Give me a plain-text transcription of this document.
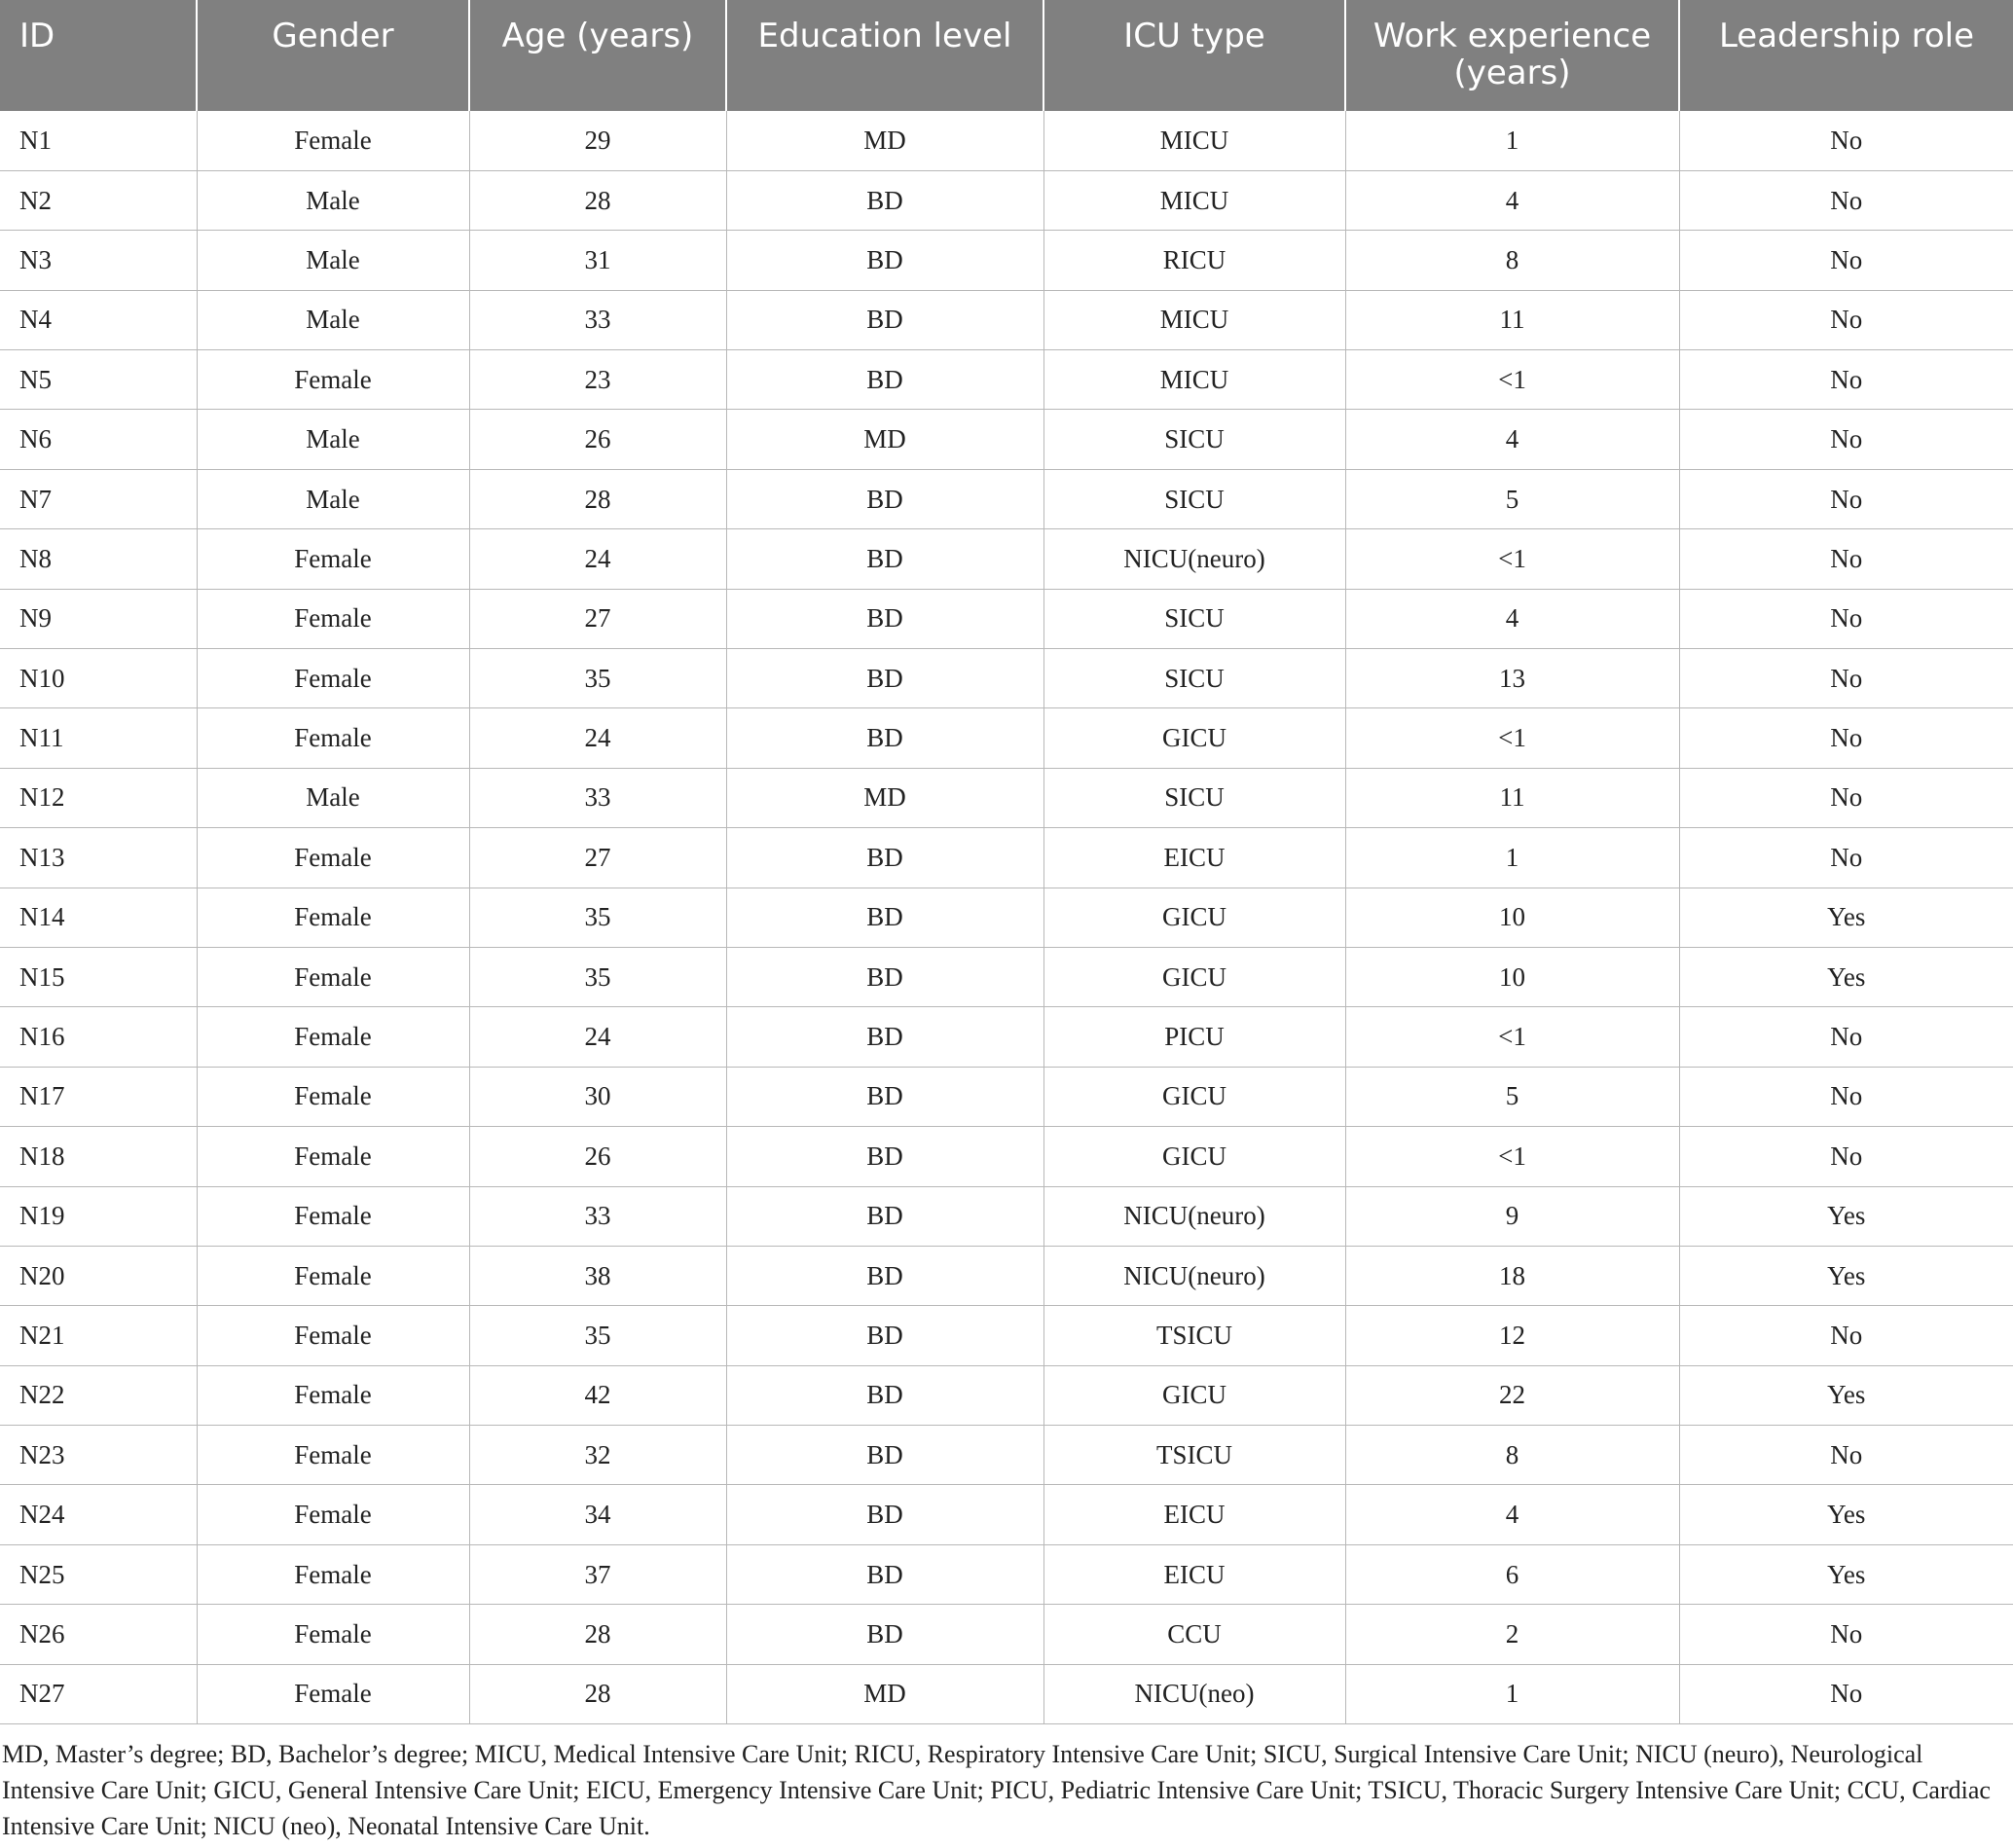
ID	Gender	Age (years)	Education level	ICU type	Work experience (years)	Leadership role
N1	Female	29	MD	MICU	1	No
N2	Male	28	BD	MICU	4	No
N3	Male	31	BD	RICU	8	No
N4	Male	33	BD	MICU	11	No
N5	Female	23	BD	MICU	<1	No
N6	Male	26	MD	SICU	4	No
N7	Male	28	BD	SICU	5	No
N8	Female	24	BD	NICU(neuro)	<1	No
N9	Female	27	BD	SICU	4	No
N10	Female	35	BD	SICU	13	No
N11	Female	24	BD	GICU	<1	No
N12	Male	33	MD	SICU	11	No
N13	Female	27	BD	EICU	1	No
N14	Female	35	BD	GICU	10	Yes
N15	Female	35	BD	GICU	10	Yes
N16	Female	24	BD	PICU	<1	No
N17	Female	30	BD	GICU	5	No
N18	Female	26	BD	GICU	<1	No
N19	Female	33	BD	NICU(neuro)	9	Yes
N20	Female	38	BD	NICU(neuro)	18	Yes
N21	Female	35	BD	TSICU	12	No
N22	Female	42	BD	GICU	22	Yes
N23	Female	32	BD	TSICU	8	No
N24	Female	34	BD	EICU	4	Yes
N25	Female	37	BD	EICU	6	Yes
N26	Female	28	BD	CCU	2	No
N27	Female	28	MD	NICU(neo)	1	No
MD, Master’s degree; BD, Bachelor’s degree; MICU, Medical Intensive Care Unit; RICU, Respiratory Intensive Care Unit; SICU, Surgical Intensive Care Unit; NICU (neuro), Neurological Intensive Care Unit; GICU, General Intensive Care Unit; EICU, Emergency Intensive Care Unit; PICU, Pediatric Intensive Care Unit; TSICU, Thoracic Surgery Intensive Care Unit; CCU, Cardiac Intensive Care Unit; NICU (neo), Neonatal Intensive Care Unit.
